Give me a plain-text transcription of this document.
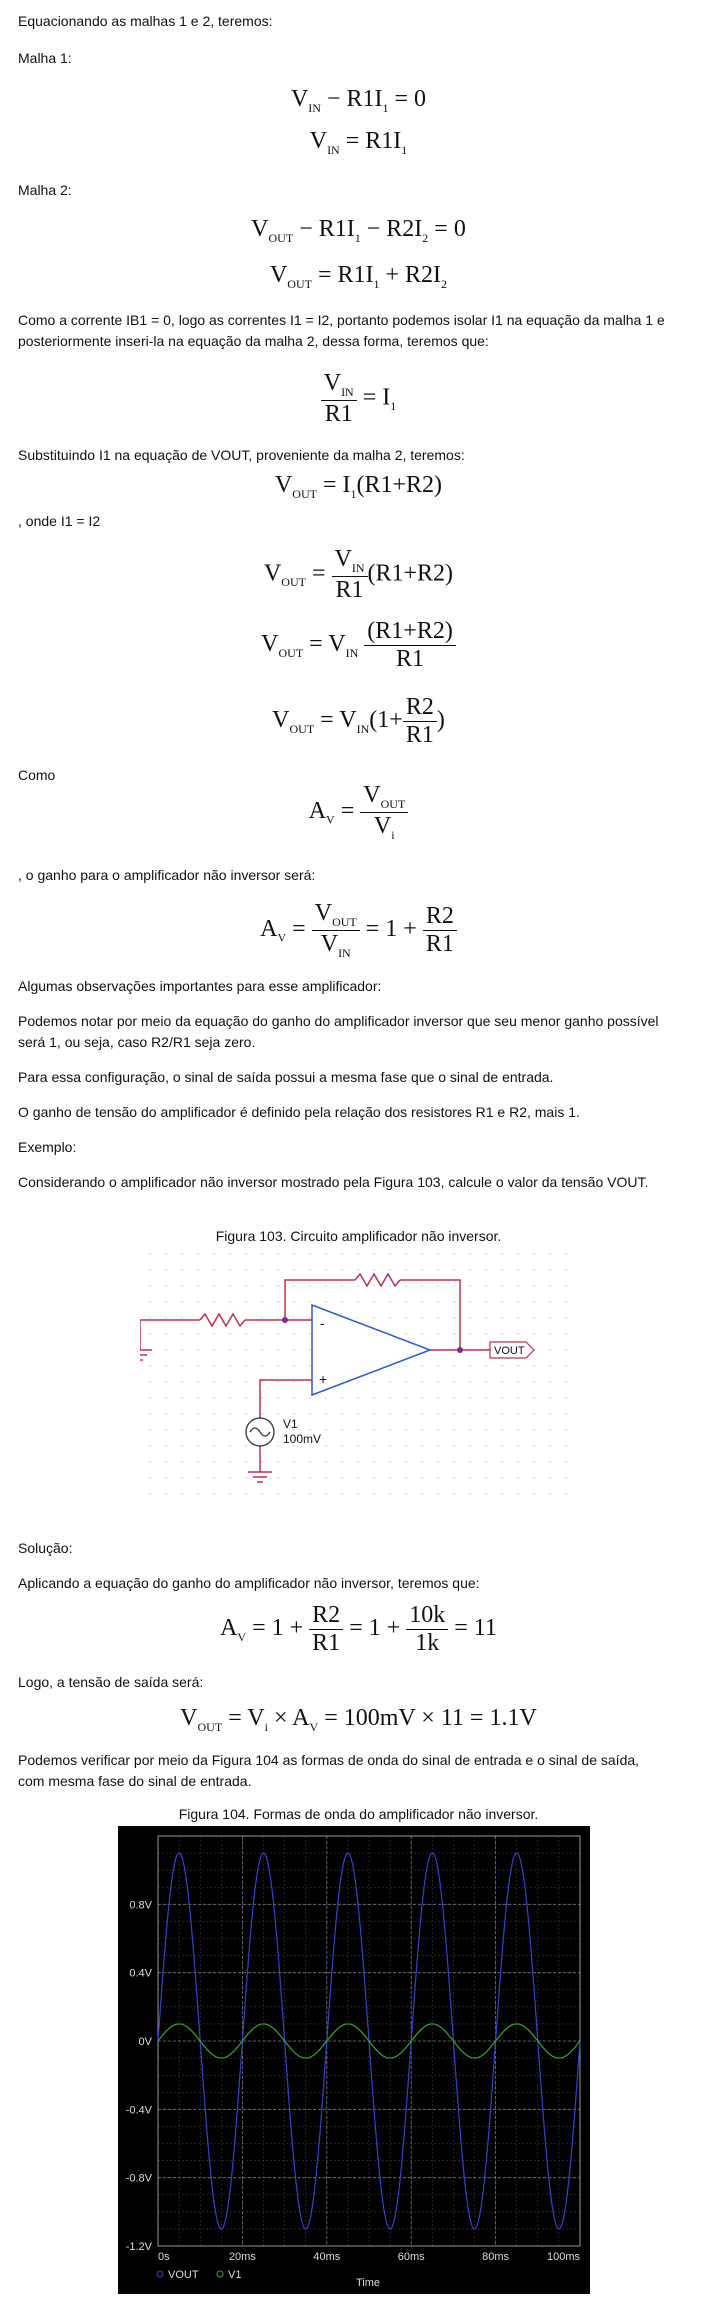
Equacionando as malhas 1 e 2, teremos:
Malha 1:
$V_{IN} - R1I_1 = 0$
$V_{IN} = R1I_1$
Malha 2:
$V_{OUT} - R1I_1 - R2I_2 = 0$
$V_{OUT} = R1I_1 + R2I_2$
Como a corrente IB1 = 0, logo as correntes I1 = I2, portanto podemos isolar I1 na equação da malha 1 e posteriormente inseri-la na equação da malha 2, dessa forma, teremos que:
$\frac{V_{IN}}{R1} = I_1$
Substituindo I1 na equação de VOUT, proveniente da malha 2, teremos:
$V_{OUT} = I_1(R1+R2)$
, onde I1 = I2
$V_{OUT} = \frac{V_{IN}}{R1} (R1+R2)$
$V_{OUT} = V_{IN} \frac{(R1+R2)}{R1}$
$V_{OUT} = V_{IN}(1+ \frac{R2}{R1}$ )
Como
$A_V = \frac{V_{OUT}}{V_i}$
, o ganho para o amplificador não inversor será:
$A_V = \frac{V_{OUT}}{V_{IN}} = 1 + \frac{R2}{R1}$
Algumas observações importantes para esse amplificador:
Podemos notar por meio da equação do ganho do amplificador inversor que seu menor ganho possível será 1, ou seja, caso R2/R1 seja zero.
Para essa configuração, o sinal de saída possui a mesma fase que o sinal de entrada.
O ganho de tensão do amplificador é definido pela relação dos resistores R1 e R2, mais 1.
Exemplo:
Considerando o amplificador não inversor mostrado pela Figura 103, calcule o valor da tensão VOUT.
Figura 103. Circuito amplificador não inversor.
-
+
VOUT
V1
100mV
Solução:
Aplicando a equação do ganho do amplificador não inversor, teremos que:
$A_V = 1 + \frac{R2}{R1} = 1 + \frac{10k}{1k} = 11$
Logo, a tensão de saída será:
$V_{OUT} = V_i \times A_V = 100mV \times 11 = 1.1V$
Podemos verificar por meio da Figura 104 as formas de onda do sinal de entrada e o sinal de saída, com mesma fase do sinal de entrada.
Figura 104. Formas de onda do amplificador não inversor.
0.8V
0.4V
0V
-0.4V
-0.8V
-1.2V
0s	20ms	40ms	60ms	80ms	100ms
VOUT	V1
Time
